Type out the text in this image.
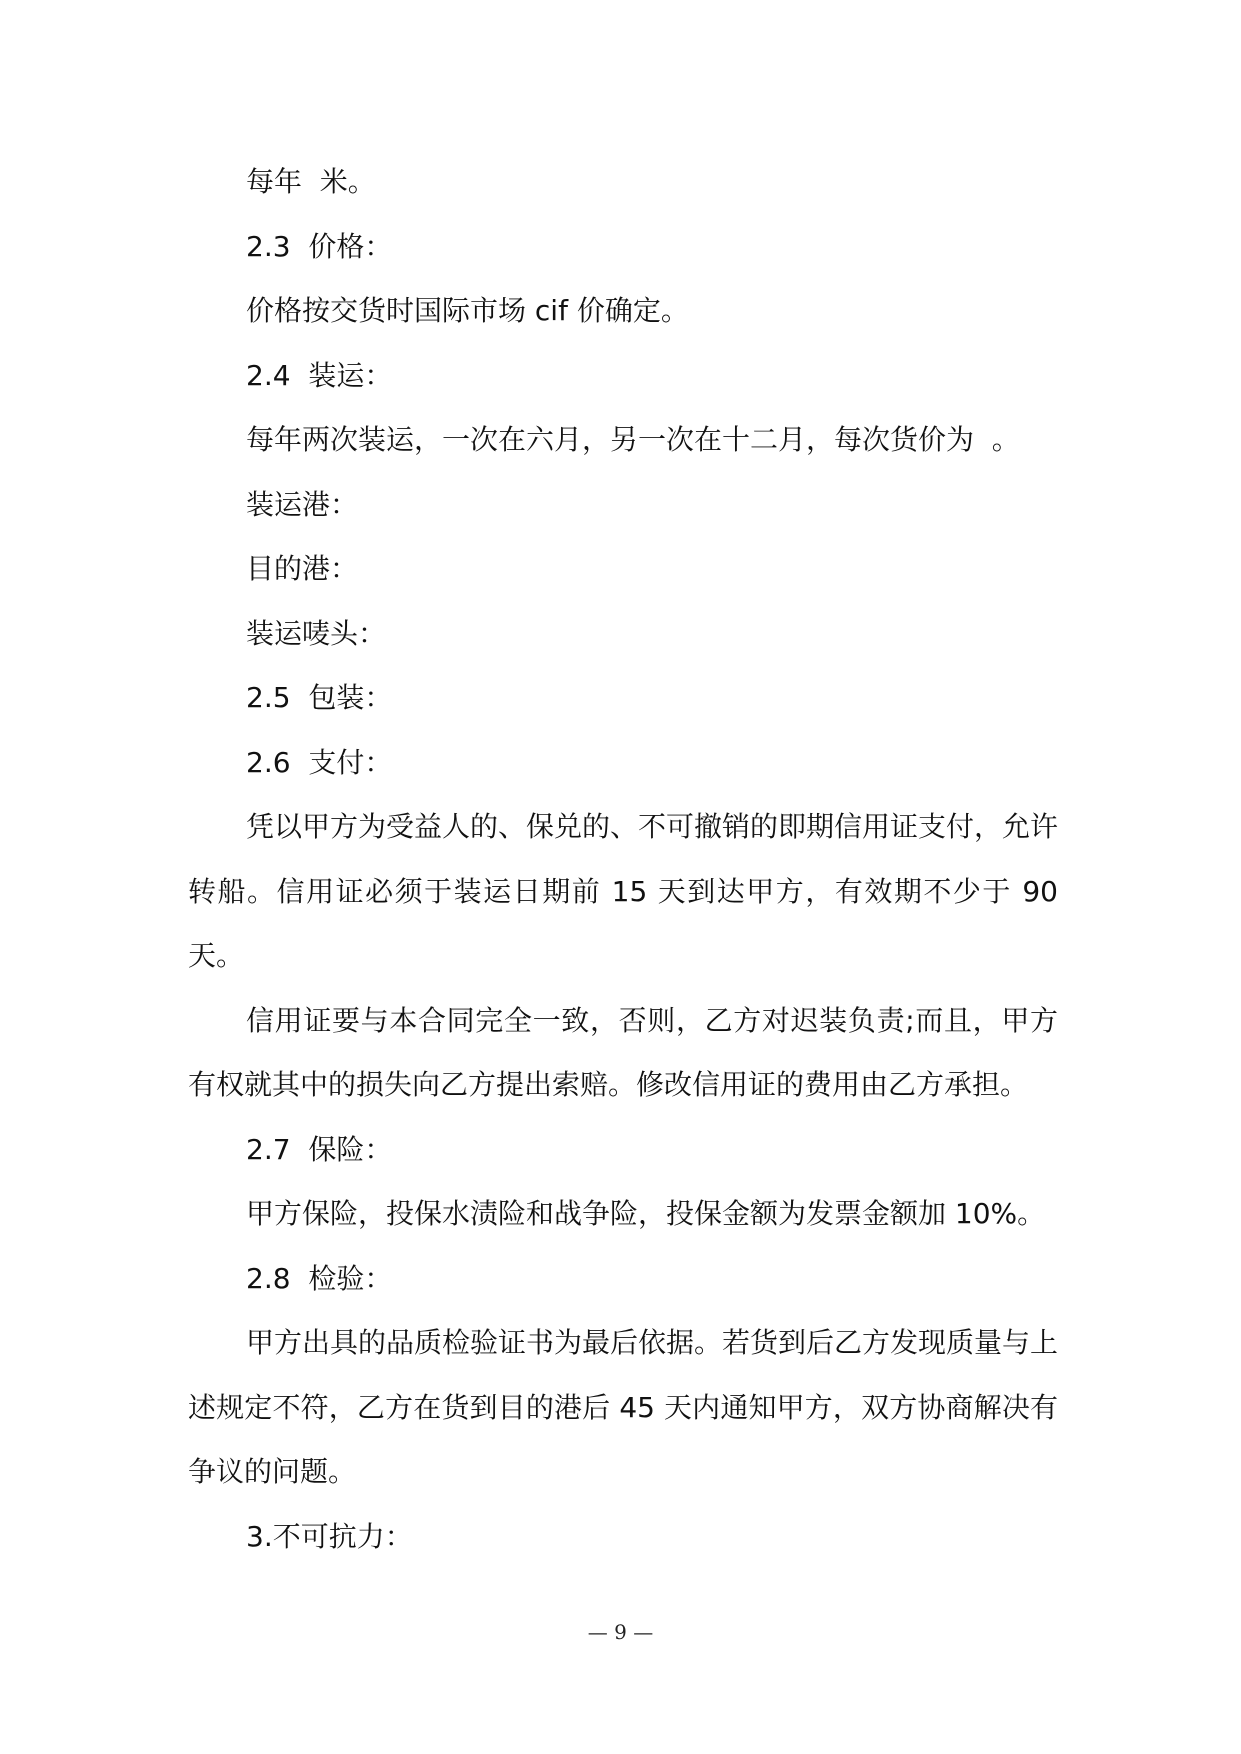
每年  米。

2.3  价格：

价格按交货时国际市场 cif 价确定。

2.4  装运：

每年两次装运，一次在六月，另一次在十二月，每次货价为  。

装运港：

目的港：

装运唛头：

2.5  包装：

2.6  支付：

凭以甲方为受益人的、保兑的、不可撤销的即期信用证支付，允许转船。信用证必须于装运日期前 15 天到达甲方，有效期不少于 90 天。

信用证要与本合同完全一致，否则，乙方对迟装负责;而且，甲方有权就其中的损失向乙方提出索赔。修改信用证的费用由乙方承担。

2.7  保险：

甲方保险，投保水渍险和战争险，投保金额为发票金额加 10%。

2.8  检验：

甲方出具的品质检验证书为最后依据。若货到后乙方发现质量与上述规定不符，乙方在货到目的港后 45 天内通知甲方，双方协商解决有争议的问题。

3.不可抗力：

— 9 —
